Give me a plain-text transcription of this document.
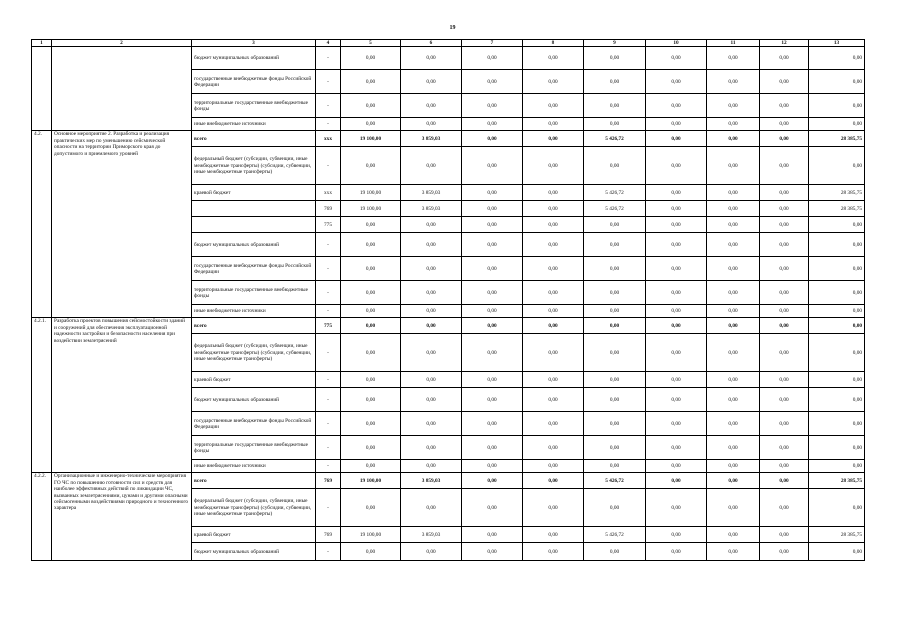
19
1	2	3	4	5	6	7	8	9	10	11	12	13
		бюджет муниципальных образований	-	0,00	0,00	0,00	0,00	0,00	0,00	0,00	0,00	0,00
		государственные внебюджетные фонды Российской Федерации	-	0,00	0,00	0,00	0,00	0,00	0,00	0,00	0,00	0,00
		территориальные государственные внебюджетные фонды	-	0,00	0,00	0,00	0,00	0,00	0,00	0,00	0,00	0,00
		иные внебюджетные источники	-	0,00	0,00	0,00	0,00	0,00	0,00	0,00	0,00	0,00
4.2.	Основное мероприятие 2. Разработка и реализация практических мер по уменьшению сейсмической опасности на территории Приморского края до допустимого и приемлемого уровней	всего	ххх	19 100,00	3 859,03	0,00	0,00	5 426,72	0,00	0,00	0,00	28 385,75
		федеральный бюджет (субсидии, субвенции, иные межбюджетные трансферты) (субсидии, субвенции, иные межбюджетные трансферты)	-	0,00	0,00	0,00	0,00	0,00	0,00	0,00	0,00	0,00
		краевой бюджет	ххх	19 100,00	3 859,03	0,00	0,00	5 426,72	0,00	0,00	0,00	28 385,75
			769	19 100,00	3 859,03	0,00	0,00	5 426,72	0,00	0,00	0,00	28 385,75
			775	0,00	0,00	0,00	0,00	0,00	0,00	0,00	0,00	0,00
		бюджет муниципальных образований	-	0,00	0,00	0,00	0,00	0,00	0,00	0,00	0,00	0,00
		государственные внебюджетные фонды Российской Федерации	-	0,00	0,00	0,00	0,00	0,00	0,00	0,00	0,00	0,00
		территориальные государственные внебюджетные фонды	-	0,00	0,00	0,00	0,00	0,00	0,00	0,00	0,00	0,00
		иные внебюджетные источники	-	0,00	0,00	0,00	0,00	0,00	0,00	0,00	0,00	0,00
4.2.1.	Разработка проектов повышения сейсмостойкости зданий и сооружений для обеспечения эксплуатационной надежности застройки и безопасности населения при воздействии землетрясений	всего	775	0,00	0,00	0,00	0,00	0,00	0,00	0,00	0,00	0,00
		федеральный бюджет (субсидии, субвенции, иные межбюджетные трансферты) (субсидии, субвенции, иные межбюджетные трансферты)	-	0,00	0,00	0,00	0,00	0,00	0,00	0,00	0,00	0,00
		краевой бюджет	-	0,00	0,00	0,00	0,00	0,00	0,00	0,00	0,00	0,00
		бюджет муниципальных образований	-	0,00	0,00	0,00	0,00	0,00	0,00	0,00	0,00	0,00
		государственные внебюджетные фонды Российской Федерации	-	0,00	0,00	0,00	0,00	0,00	0,00	0,00	0,00	0,00
		территориальные государственные внебюджетные фонды	-	0,00	0,00	0,00	0,00	0,00	0,00	0,00	0,00	0,00
		иные внебюджетные источники	-	0,00	0,00	0,00	0,00	0,00	0,00	0,00	0,00	0,00
4.2.2.	Организационные и инженерно-технические мероприятия ГО ЧС по повышению готовности сил и средств для наиболее эффективных действий по ликвидации ЧС, вызванных землетрясениями, цунами и другими опасными сейсмогенными воздействиями природного и техногенного характера	всего	769	19 100,00	3 859,03	0,00	0,00	5 426,72	0,00	0,00	0,00	28 385,75
		федеральный бюджет (субсидии, субвенции, иные межбюджетные трансферты) (субсидии, субвенции, иные межбюджетные трансферты)	-	0,00	0,00	0,00	0,00	0,00	0,00	0,00	0,00	0,00
		краевой бюджет	769	19 100,00	3 859,03	0,00	0,00	5 426,72	0,00	0,00	0,00	28 385,75
		бюджет муниципальных образований	-	0,00	0,00	0,00	0,00	0,00	0,00	0,00	0,00	0,00
